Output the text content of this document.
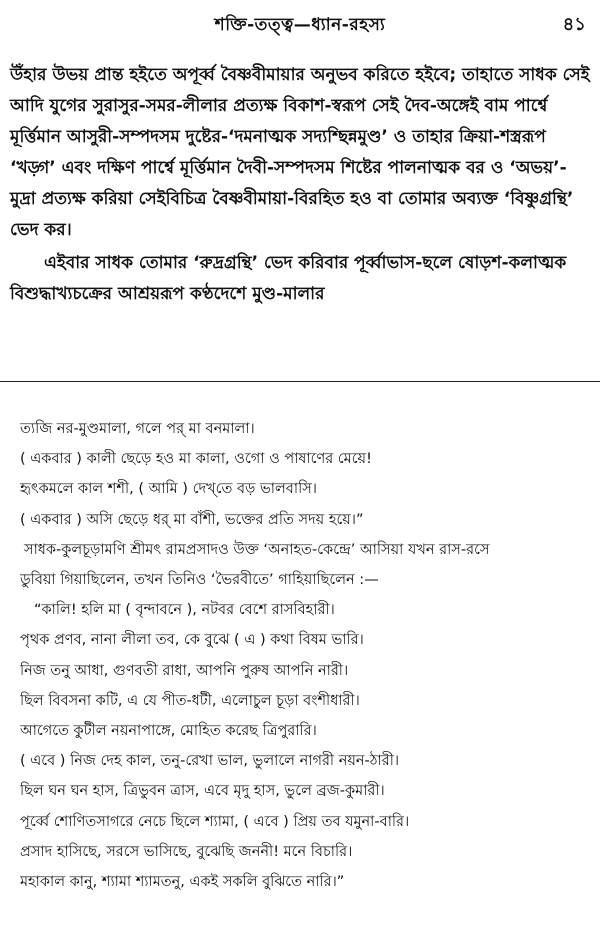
শক্তি-তত্ত্ব—ধ্যান-রহস্য	৪১

উঁহার উভয় প্রান্ত হইতে অপূর্ব্ব বৈষ্ণবীমায়ার অনুভব করিতে হইবে; তাহাতে সাধক সেই আদি যুগের সুরাসুর-সমর-লীলার প্রত্যক্ষ বিকাশ-স্বরূপ সেই দৈব-অঙ্গেই বাম পার্শ্বে মূর্ত্তিমান আসুরী-সম্পদসম দুষ্টের-‘দমনাত্মক সদ্যশ্ছিন্নমুণ্ড’ ও তাহার ক্রিয়া-শস্ত্ররূপ ‘খড়্গ’ এবং দক্ষিণ পার্শ্বে মূর্ত্তিমান দৈবী-সম্পদসম শিষ্টের পালনাত্মক বর ও ‘অভয়’-মুদ্রা প্রত্যক্ষ করিয়া সেইবিচিত্র বৈষ্ণবীমায়া-বিরহিত হও বা তোমার অব্যক্ত ‘বিষ্ণুগ্রন্থি’ ভেদ কর।

এইবার সাধক তোমার ‘রুদ্রগ্রন্থি’ ভেদ করিবার পূর্ব্বাভাস-ছলে ষোড়শ-কলাত্মক বিশুদ্ধাখ্যচক্রের আশ্রয়রূপ কণ্ঠদেশে মুণ্ড-মালার

ত্যজি নর-মুণ্ডমালা, গলে পর্ মা বনমালা।
( একবার ) কালী ছেড়ে হও মা কালা, ওগো ও পাষাণের মেয়ে!
হৃৎকমলে কাল শশী, ( আমি ) দেখ্‌তে বড় ভালবাসি।
( একবার ) অসি ছেড়ে ধর্ মা বাঁশী, ভক্তের প্রতি সদয় হয়ে।”
সাধক-কুলচূড়ামণি শ্রীমৎ রামপ্রসাদও উক্ত ‘অনাহত-কেন্দ্রে’ আসিয়া যখন রাস-রসে
ডুবিয়া গিয়াছিলেন, তখন তিনিও ‘ভৈরবীতে’ গাহিয়াছিলেন :—
“কালি! হলি মা ( বৃন্দাবনে ), নটবর বেশে রাসবিহারী।
পৃথক প্রণব, নানা লীলা তব, কে বুঝে ( এ ) কথা বিষম ভারি।
নিজ তনু আধা, গুণবতী রাধা, আপনি পুরুষ আপনি নারী।
ছিল বিবসনা কটি, এ যে পীত-ধটী, এলোচুল চূড়া বংশীধারী।
আগেতে কুটীল নয়নাপাঙ্গে, মোহিত করেছ ত্রিপুরারি।
( এবে ) নিজ দেহ কাল, তনু-রেখা ভাল, ভুলালে নাগরী নয়ন-ঠারী।
ছিল ঘন ঘন হাস, ত্রিভুবন ত্রাস, এবে মৃদু হাস, ভুলে ব্রজ-কুমারী।
পূর্ব্বে শোণিতসাগরে নেচে ছিলে শ্যামা, ( এবে ) প্রিয় তব যমুনা-বারি।
প্রসাদ হাসিছে, সরসে ভাসিছে, বুঝেছি জননী! মনে বিচারি।
মহাকাল কানু, শ্যামা শ্যামতনু, একই সকলি বুঝিতে নারি।”
